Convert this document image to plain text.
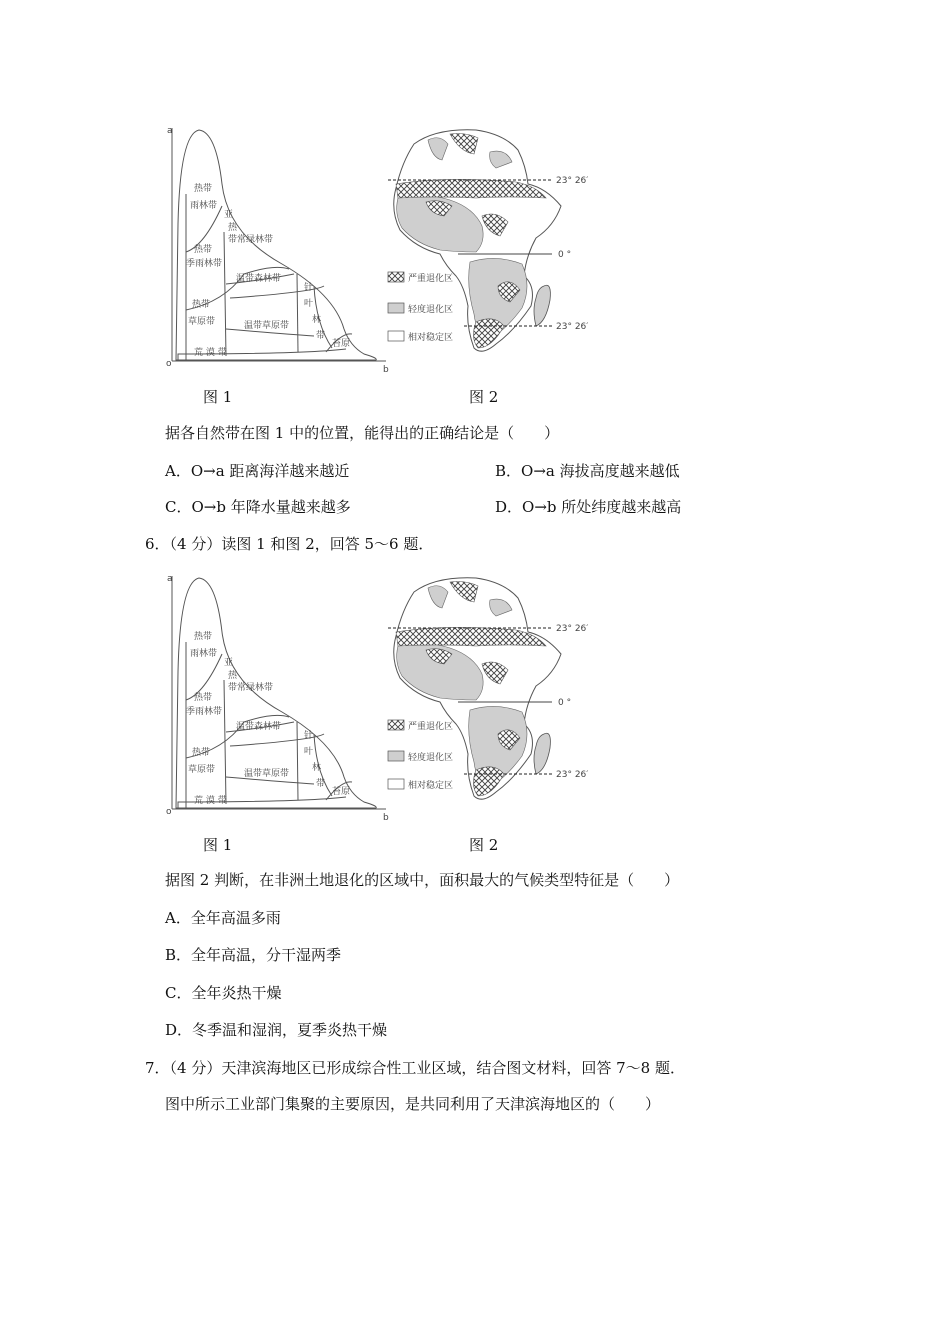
a
b
o
热带
雨林带
亚
热
带常绿林带
热带
季雨林带
温带森林带
针
叶
林
带
热带
草原带	温带草原带
苔原
荒 漠 带
23° 26′
0 °
23° 26′
严重退化区
轻度退化区
相对稳定区
图 1	图 2
据各自然带在图 1 中的位置，能得出的正确结论是（　　）
A．O→a 距离海洋越来越近	B．O→a 海拔高度越来越低
C．O→b 年降水量越来越多	D．O→b 所处纬度越来越高
6．（4 分）读图 1 和图 2，回答 5～6 题．
a
b
o
热带
雨林带
亚
热
带常绿林带
热带
季雨林带
温带森林带
针
叶
林
带
热带
草原带	温带草原带
苔原
荒 漠 带
23° 26′
0 °
23° 26′
严重退化区
轻度退化区
相对稳定区
图 1	图 2
据图 2 判断，在非洲土地退化的区域中，面积最大的气候类型特征是（　　）
A．全年高温多雨
B．全年高温，分干湿两季
C．全年炎热干燥
D．冬季温和湿润，夏季炎热干燥
7．（4 分）天津滨海地区已形成综合性工业区域，结合图文材料，回答 7～8 题．
图中所示工业部门集聚的主要原因，是共同利用了天津滨海地区的（　　）
